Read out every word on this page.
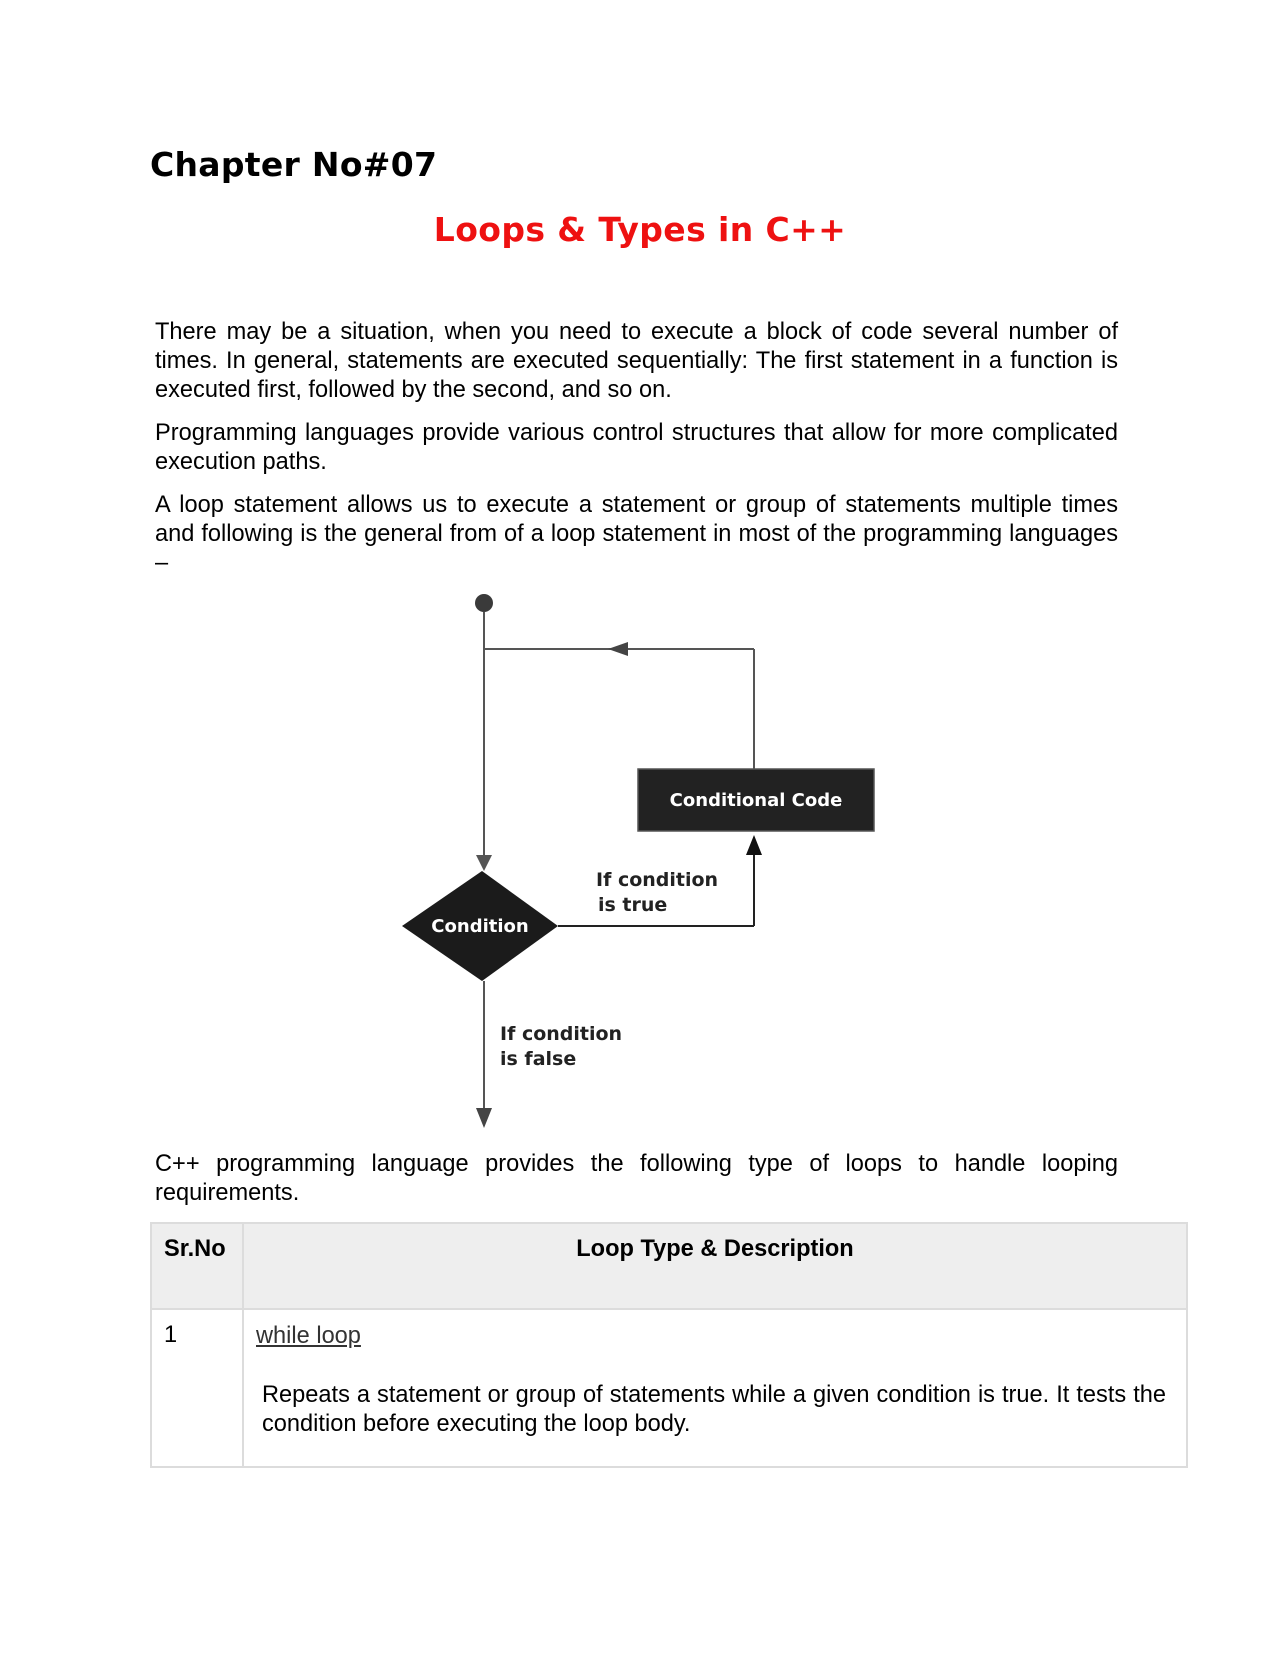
Chapter No#07
Loops & Types in C++

There may be a situation, when you need to execute a block of code several number of times. In general, statements are executed sequentially: The first statement in a function is executed first, followed by the second, and so on.

Programming languages provide various control structures that allow for more complicated execution paths.

A loop statement allows us to execute a statement or group of statements multiple times and following is the general from of a loop statement in most of the programming languages –

Conditional Code
Condition
If condition
is true
If condition
is false

C++ programming language provides the following type of loops to handle looping requirements.

Sr.No	Loop Type & Description
1	while loop

Repeats a statement or group of statements while a given condition is true. It tests the condition before executing the loop body.
